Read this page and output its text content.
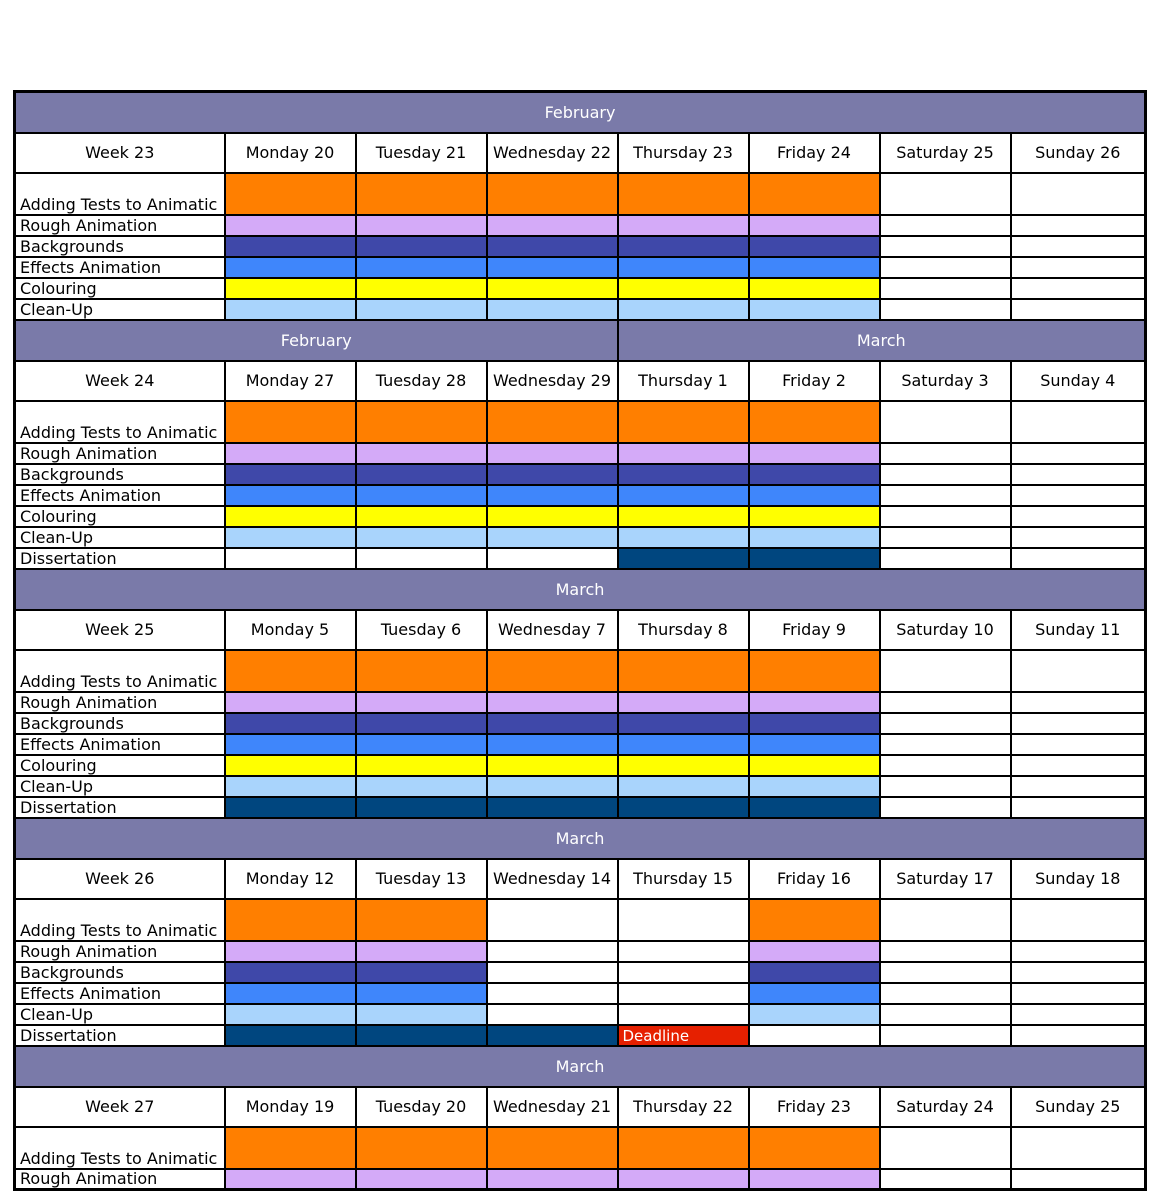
February							
Week 23	Monday 20	Tuesday 21	Wednesday 22	Thursday 23	Friday 24	Saturday 25	Sunday 26
Adding Tests to Animatic							
Rough Animation							
Backgrounds							
Effects Animation							
Colouring							
Clean-Up							
February				March			
Week 24	Monday 27	Tuesday 28	Wednesday 29	Thursday 1	Friday 2	Saturday 3	Sunday 4
Adding Tests to Animatic							
Rough Animation							
Backgrounds							
Effects Animation							
Colouring							
Clean-Up							
Dissertation							
March							
Week 25	Monday 5	Tuesday 6	Wednesday 7	Thursday 8	Friday 9	Saturday 10	Sunday 11
Adding Tests to Animatic							
Rough Animation							
Backgrounds							
Effects Animation							
Colouring							
Clean-Up							
Dissertation							
March							
Week 26	Monday 12	Tuesday 13	Wednesday 14	Thursday 15	Friday 16	Saturday 17	Sunday 18
Adding Tests to Animatic							
Rough Animation							
Backgrounds							
Effects Animation							
Clean-Up							
Dissertation				Deadline			
March							
Week 27	Monday 19	Tuesday 20	Wednesday 21	Thursday 22	Friday 23	Saturday 24	Sunday 25
Adding Tests to Animatic							
Rough Animation							
